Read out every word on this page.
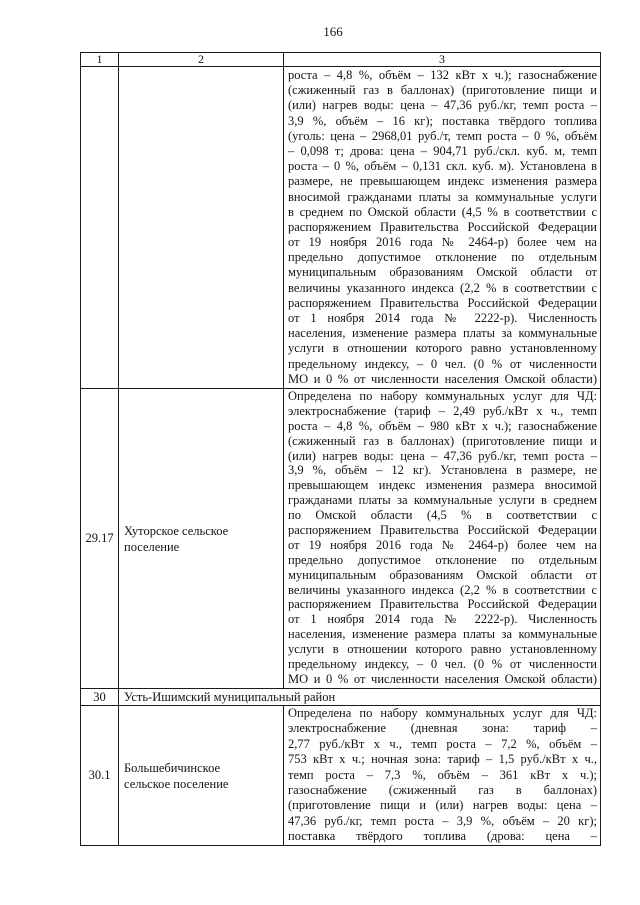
166
1	2	3
роста – 4,8 %, объём – 132 кВт х ч.); газоснабжение
(сжиженный газ в баллонах) (приготовление пищи и
(или) нагрев воды: цена – 47,36 руб./кг, темп роста –
3,9 %, объём – 16 кг); поставка твёрдого топлива
(уголь: цена – 2968,01 руб./т, темп роста – 0 %, объём
– 0,098 т; дрова: цена – 904,71 руб./скл. куб. м, темп
роста – 0 %, объём – 0,131 скл. куб. м). Установлена в
размере, не превышающем индекс изменения размера
вносимой гражданами платы за коммунальные услуги
в среднем по Омской области (4,5 % в соответствии с
распоряжением Правительства Российской Федерации
от 19 ноября 2016 года № 2464-р) более чем на
предельно допустимое отклонение по отдельным
муниципальным образованиям Омской области от
величины указанного индекса (2,2 % в соответствии с
распоряжением Правительства Российской Федерации
от 1 ноября 2014 года № 2222-р). Численность
населения, изменение размера платы за коммунальные
услуги в отношении которого равно установленному
предельному индексу, – 0 чел. (0 % от численности
МО и 0 % от численности населения Омской области)
29.17
Хуторское сельское
поселение
Определена по набору коммунальных услуг для ЧД:
электроснабжение (тариф – 2,49 руб./кВт х ч., темп
роста – 4,8 %, объём – 980 кВт х ч.); газоснабжение
(сжиженный газ в баллонах) (приготовление пищи и
(или) нагрев воды: цена – 47,36 руб./кг, темп роста –
3,9 %, объём – 12 кг). Установлена в размере, не
превышающем индекс изменения размера вносимой
гражданами платы за коммунальные услуги в среднем
по Омской области (4,5 % в соответствии с
распоряжением Правительства Российской Федерации
от 19 ноября 2016 года № 2464-р) более чем на
предельно допустимое отклонение по отдельным
муниципальным образованиям Омской области от
величины указанного индекса (2,2 % в соответствии с
распоряжением Правительства Российской Федерации
от 1 ноября 2014 года № 2222-р). Численность
населения, изменение размера платы за коммунальные
услуги в отношении которого равно установленному
предельному индексу, – 0 чел. (0 % от численности
МО и 0 % от численности населения Омской области)
30 Усть-Ишимский муниципальный район
30.1
Большебичинское
сельское поселение
Определена по набору коммунальных услуг для ЧД:
электроснабжение (дневная зона: тариф –
2,77 руб./кВт х ч., темп роста – 7,2 %, объём –
753 кВт х ч.; ночная зона: тариф – 1,5 руб./кВт х ч.,
темп роста – 7,3 %, объём – 361 кВт х ч.);
газоснабжение (сжиженный газ в баллонах)
(приготовление пищи и (или) нагрев воды: цена –
47,36 руб./кг, темп роста – 3,9 %, объём – 20 кг);
поставка твёрдого топлива (дрова: цена –
